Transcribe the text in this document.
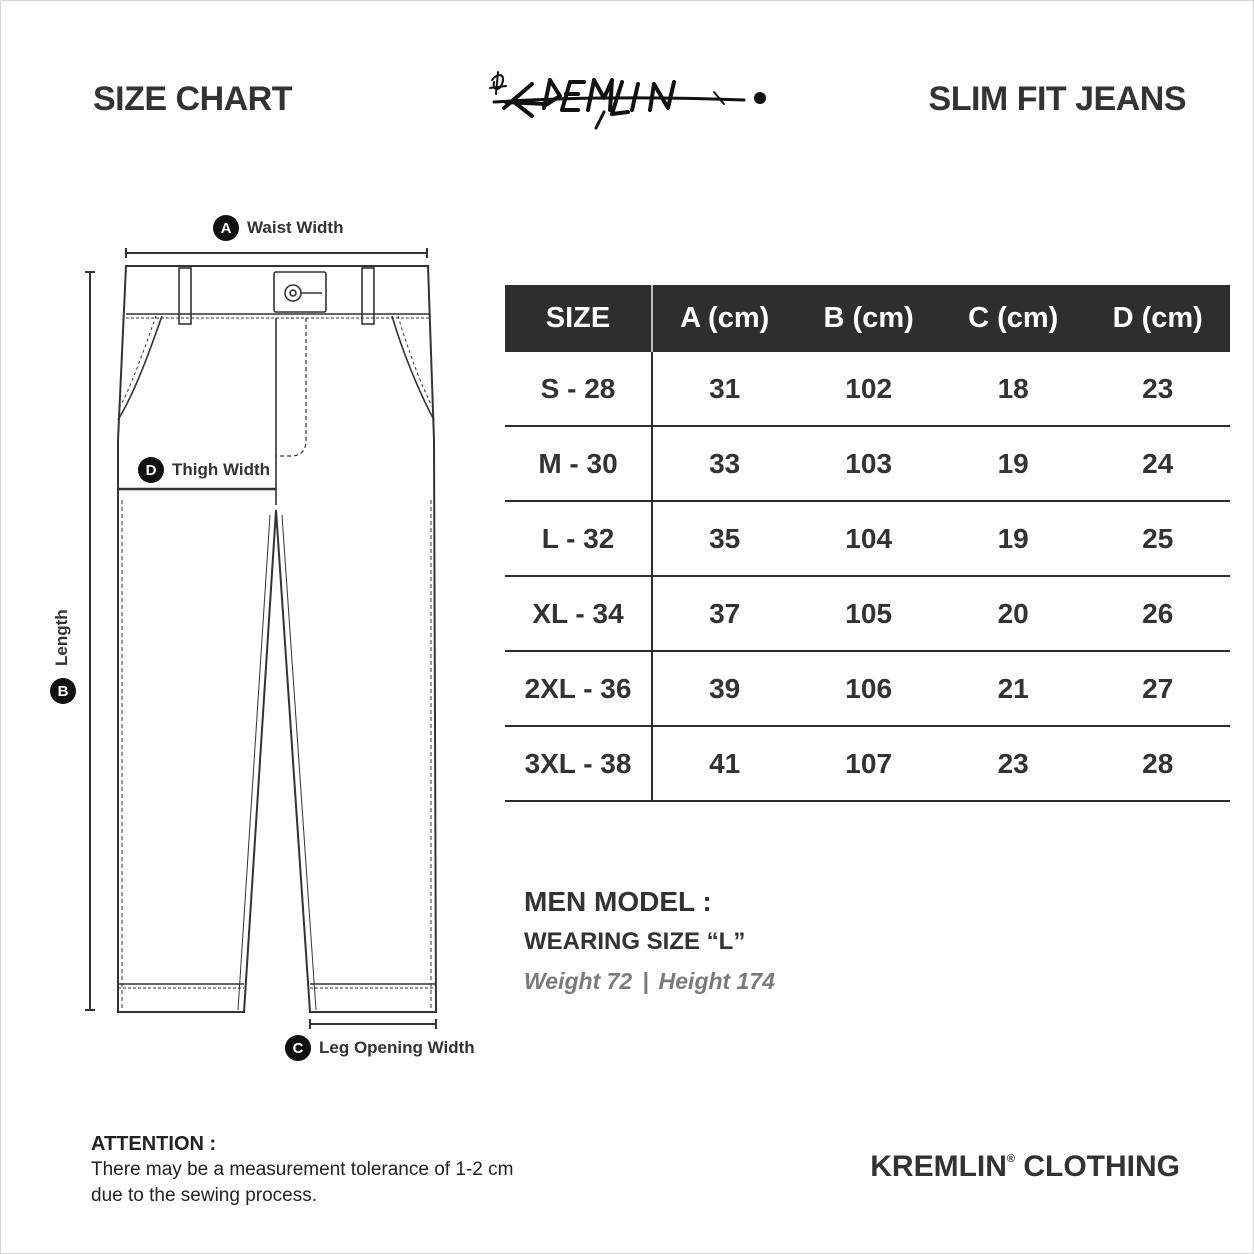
SIZE CHART	SLIM FIT JEANS
A Waist Width
D Thigh Width
C Leg Opening Width
Length
B
SIZE	A (cm)	B (cm)	C (cm)	D (cm)
S - 28	31	102	18	23
M - 30	33	103	19	24
L - 32	35	104	19	25
XL - 34	37	105	20	26
2XL - 36	39	106	21	27
3XL - 38	41	107	23	28
MEN MODEL :
WEARING SIZE “L”
Weight 72 | Height 174
ATTENTION :
There may be a measurement tolerance of 1-2 cm
due to the sewing process.
KREMLIN® CLOTHING
